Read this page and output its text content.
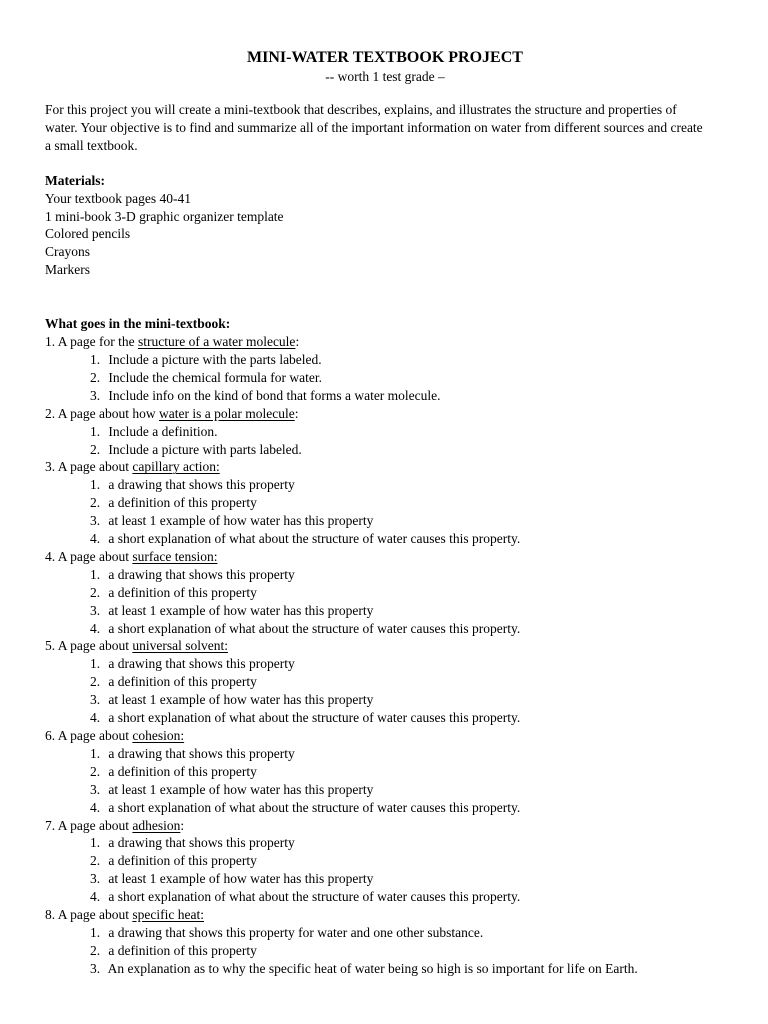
MINI-WATER TEXTBOOK PROJECT
-- worth 1 test grade –
For this project you will create a mini-textbook that describes, explains, and illustrates the structure and properties of water. Your objective is to find and summarize all of the important information on water from different sources and create a small textbook.
Materials:
Your textbook pages 40-41
1 mini-book 3-D graphic organizer template
Colored pencils
Crayons
Markers
What goes in the mini-textbook:
1. A page for the structure of a water molecule:
1. Include a picture with the parts labeled.
2. Include the chemical formula for water.
3. Include info on the kind of bond that forms a water molecule.
2. A page about how water is a polar molecule:
1. Include a definition.
2. Include a picture with parts labeled.
3. A page about capillary action:
1. a drawing that shows this property
2. a definition of this property
3. at least 1 example of how water has this property
4. a short explanation of what about the structure of water causes this property.
4. A page about surface tension:
1. a drawing that shows this property
2. a definition of this property
3. at least 1 example of how water has this property
4. a short explanation of what about the structure of water causes this property.
5. A page about universal solvent:
1. a drawing that shows this property
2. a definition of this property
3. at least 1 example of how water has this property
4. a short explanation of what about the structure of water causes this property.
6. A page about cohesion:
1. a drawing that shows this property
2. a definition of this property
3. at least 1 example of how water has this property
4. a short explanation of what about the structure of water causes this property.
7. A page about adhesion:
1. a drawing that shows this property
2. a definition of this property
3. at least 1 example of how water has this property
4. a short explanation of what about the structure of water causes this property.
8. A page about specific heat:
1. a drawing that shows this property for water and one other substance.
2. a definition of this property
3. An explanation as to why the specific heat of water being so high is so important for life on Earth.
